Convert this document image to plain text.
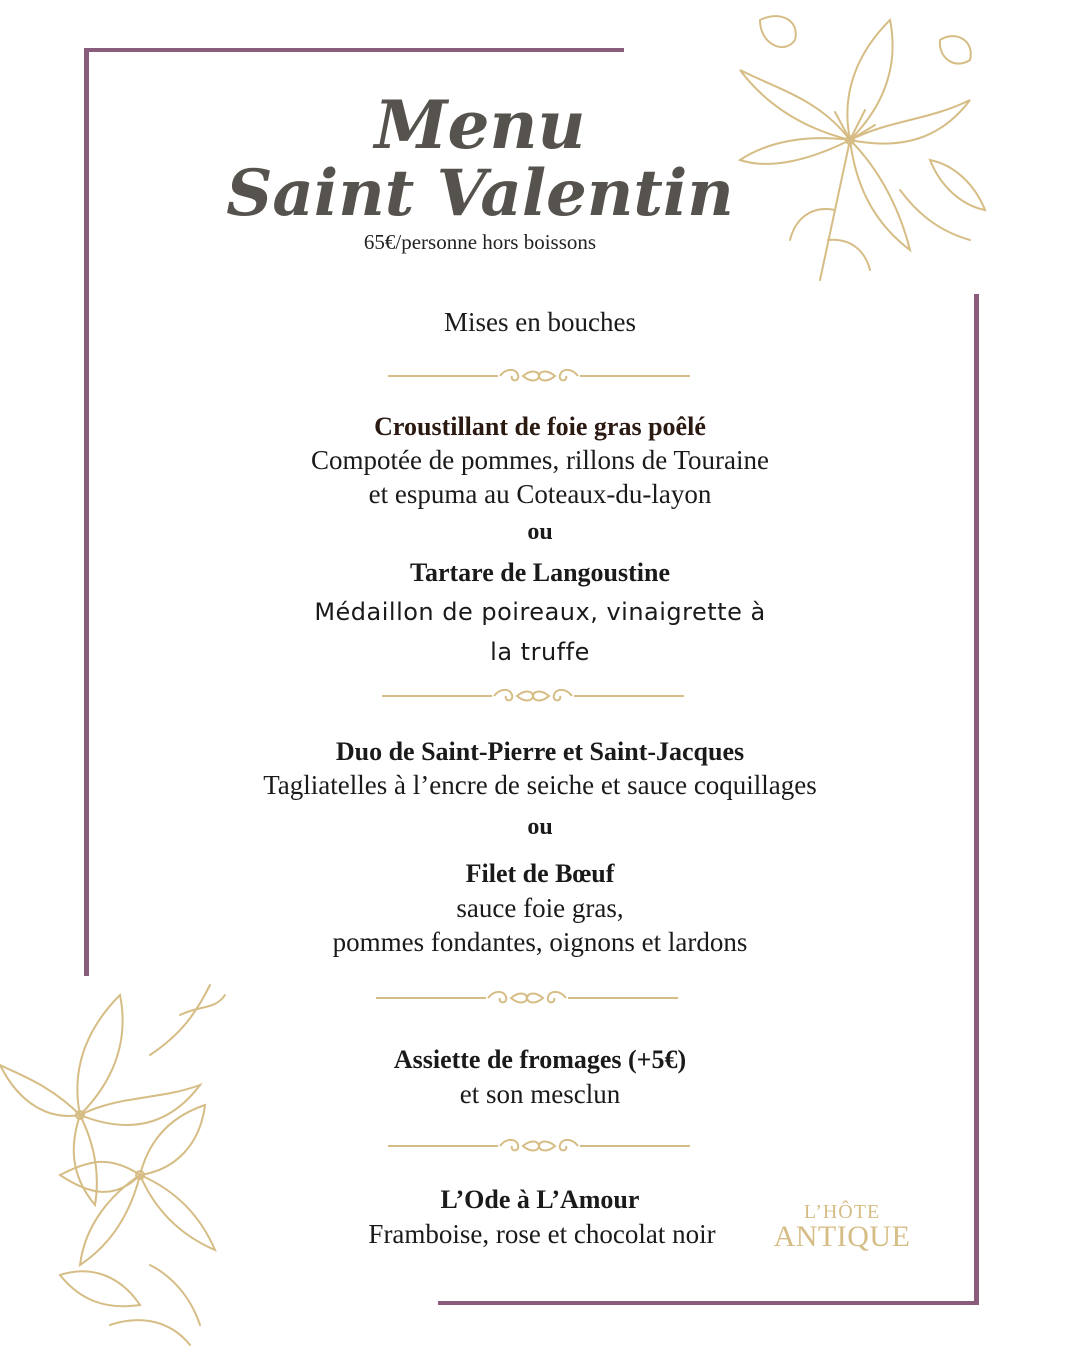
Menu
Saint Valentin
65€/personne hors boissons
Mises en bouches
Croustillant de foie gras poêlé
Compotée de pommes, rillons de Touraine
et espuma au Coteaux-du-layon
ou
Tartare de Langoustine
Médaillon de poireaux, vinaigrette à
la truffe
Duo de Saint-Pierre et Saint-Jacques
Tagliatelles à l’encre de seiche et sauce coquillages
ou
Filet de Bœuf
sauce foie gras,
pommes fondantes, oignons et lardons
Assiette de fromages (+5€)
et son mesclun
L’Ode à L’Amour
Framboise, rose et chocolat noir
L’HÔTE
ANTIQUE
